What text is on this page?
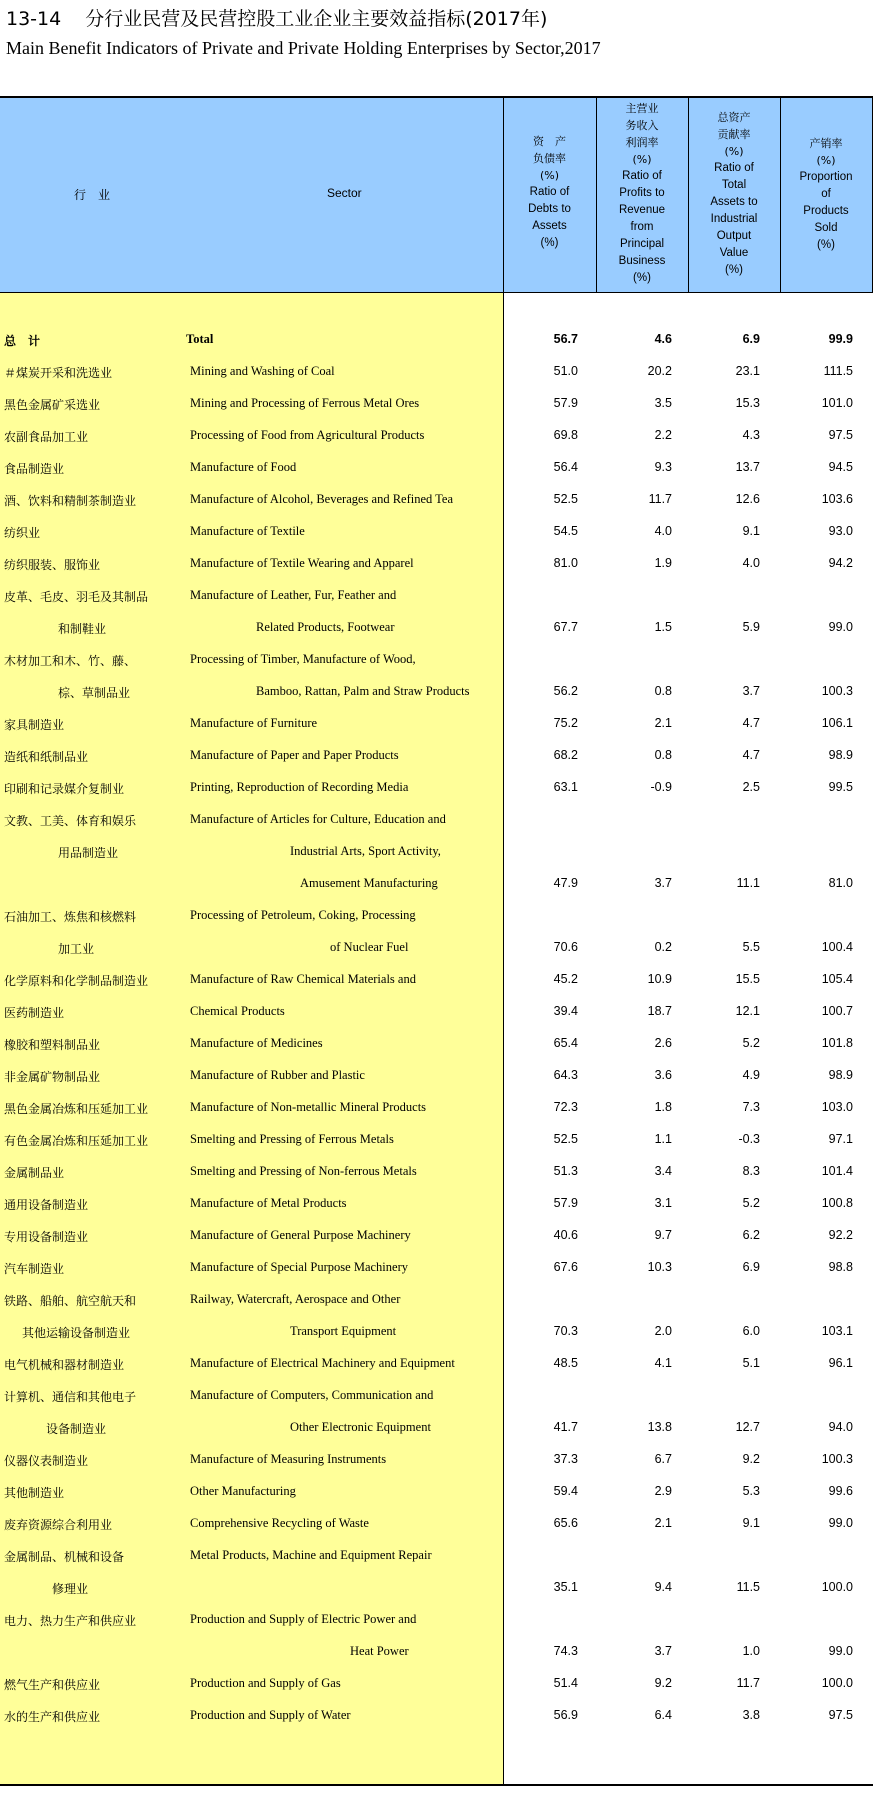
13-14 分行业民营及民营控股工业企业主要效益指标(2017年)
Main Benefit Indicators of Private and Private Holding Enterprises by Sector,2017
行　业	Sector
资　产
负债率
(%)
Ratio of
Debts to
Assets
(%)
主营业
务收入
利润率
(%)
Ratio of
Profits to
Revenue
from
Principal
Business
(%)
总资产
贡献率
(%)
Ratio of
Total
Assets to
Industrial
Output
Value
(%)
产销率
(%)
Proportion
of
Products
Sold
(%)
总　计	Total	56.7	4.6	6.9	99.9
＃煤炭开采和洗选业	Mining and Washing of Coal	51.0	20.2	23.1	111.5
黑色金属矿采选业	Mining and Processing of Ferrous Metal Ores	57.9	3.5	15.3	101.0
农副食品加工业	Processing of Food from Agricultural Products	69.8	2.2	4.3	97.5
食品制造业	Manufacture of Food	56.4	9.3	13.7	94.5
酒、饮料和精制茶制造业	Manufacture of Alcohol, Beverages and Refined Tea	52.5	11.7	12.6	103.6
纺织业	Manufacture of Textile	54.5	4.0	9.1	93.0
纺织服装、服饰业	Manufacture of Textile Wearing and Apparel	81.0	1.9	4.0	94.2
皮革、毛皮、羽毛及其制品	Manufacture of Leather, Fur, Feather and
和制鞋业	Related Products, Footwear	67.7	1.5	5.9	99.0
木材加工和木、竹、藤、	Processing of Timber, Manufacture of Wood,
棕、草制品业	Bamboo, Rattan, Palm and Straw Products	56.2	0.8	3.7	100.3
家具制造业	Manufacture of Furniture	75.2	2.1	4.7	106.1
造纸和纸制品业	Manufacture of Paper and Paper Products	68.2	0.8	4.7	98.9
印刷和记录媒介复制业	Printing, Reproduction of Recording Media	63.1	-0.9	2.5	99.5
文教、工美、体育和娱乐	Manufacture of Articles for Culture, Education and
用品制造业	Industrial Arts, Sport Activity,
Amusement Manufacturing	47.9	3.7	11.1	81.0
石油加工、炼焦和核燃料	Processing of Petroleum, Coking, Processing
加工业	of Nuclear Fuel	70.6	0.2	5.5	100.4
化学原料和化学制品制造业	Manufacture of Raw Chemical Materials and	45.2	10.9	15.5	105.4
医药制造业	Chemical Products	39.4	18.7	12.1	100.7
橡胶和塑料制品业	Manufacture of Medicines	65.4	2.6	5.2	101.8
非金属矿物制品业	Manufacture of Rubber and Plastic	64.3	3.6	4.9	98.9
黑色金属冶炼和压延加工业	Manufacture of Non-metallic Mineral Products	72.3	1.8	7.3	103.0
有色金属冶炼和压延加工业	Smelting and Pressing of Ferrous Metals	52.5	1.1	-0.3	97.1
金属制品业	Smelting and Pressing of Non-ferrous Metals	51.3	3.4	8.3	101.4
通用设备制造业	Manufacture of Metal Products	57.9	3.1	5.2	100.8
专用设备制造业	Manufacture of General Purpose Machinery	40.6	9.7	6.2	92.2
汽车制造业	Manufacture of Special Purpose Machinery	67.6	10.3	6.9	98.8
铁路、船舶、航空航天和	Railway, Watercraft, Aerospace and Other
其他运输设备制造业	Transport Equipment	70.3	2.0	6.0	103.1
电气机械和器材制造业	Manufacture of Electrical Machinery and Equipment	48.5	4.1	5.1	96.1
计算机、通信和其他电子	Manufacture of Computers, Communication and
设备制造业	Other Electronic Equipment	41.7	13.8	12.7	94.0
仪器仪表制造业	Manufacture of Measuring Instruments	37.3	6.7	9.2	100.3
其他制造业	Other Manufacturing	59.4	2.9	5.3	99.6
废弃资源综合利用业	Comprehensive Recycling of Waste	65.6	2.1	9.1	99.0
金属制品、机械和设备	Metal Products, Machine and Equipment Repair
修理业	35.1	9.4	11.5	100.0
电力、热力生产和供应业	Production and Supply of Electric Power and
Heat Power	74.3	3.7	1.0	99.0
燃气生产和供应业	Production and Supply of Gas	51.4	9.2	11.7	100.0
水的生产和供应业	Production and Supply of Water	56.9	6.4	3.8	97.5
